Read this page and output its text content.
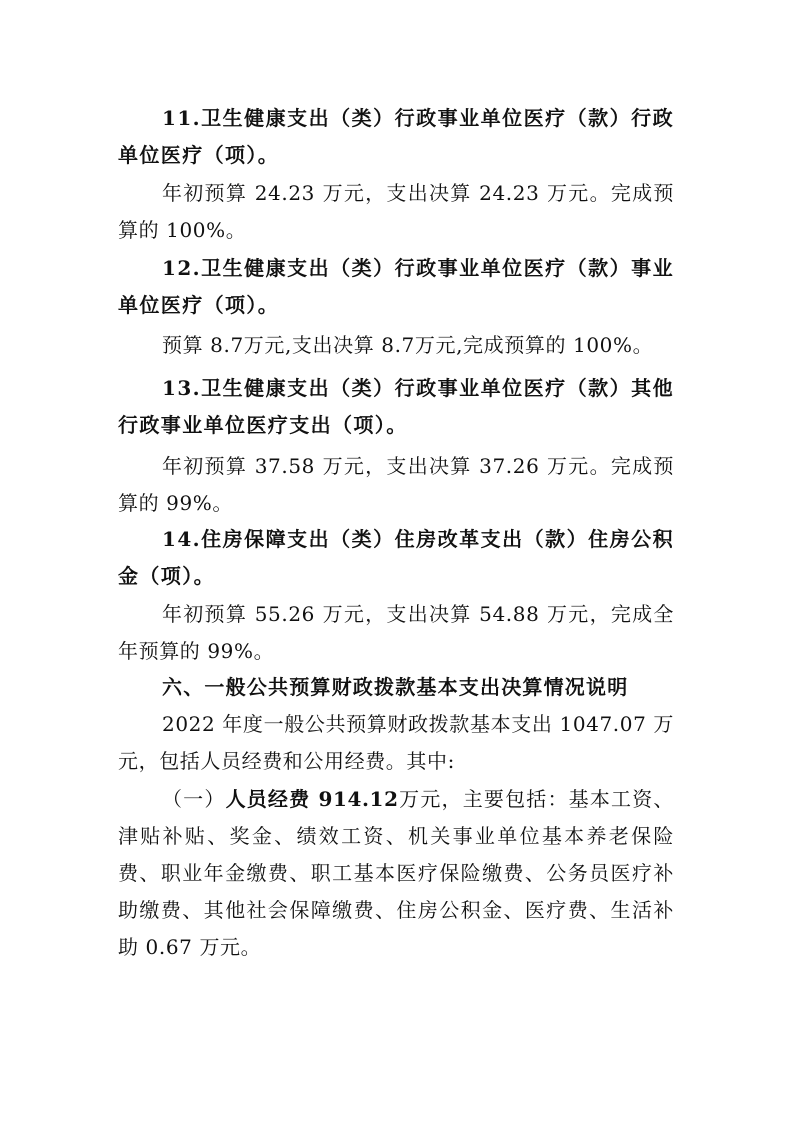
11.卫生健康支出（类）行政事业单位医疗（款）行政单位医疗（项）。

年初预算 24.23 万元，支出决算 24.23 万元。完成预算的 100%。

12.卫生健康支出（类）行政事业单位医疗（款）事业单位医疗（项）。

预算 8.7万元,支出决算 8.7万元,完成预算的 100%。

13.卫生健康支出（类）行政事业单位医疗（款）其他行政事业单位医疗支出（项）。

年初预算 37.58 万元，支出决算 37.26 万元。完成预算的 99%。

14.住房保障支出（类）住房改革支出（款）住房公积金（项）。

年初预算 55.26 万元，支出决算 54.88 万元，完成全年预算的 99%。

六、一般公共预算财政拨款基本支出决算情况说明

2022 年度一般公共预算财政拨款基本支出 1047.07 万元，包括人员经费和公用经费。其中:

（一）人员经费 914.12万元，主要包括：基本工资、津贴补贴、奖金、绩效工资、机关事业单位基本养老保险费、职业年金缴费、职工基本医疗保险缴费、公务员医疗补助缴费、其他社会保障缴费、住房公积金、医疗费、生活补助 0.67 万元。
